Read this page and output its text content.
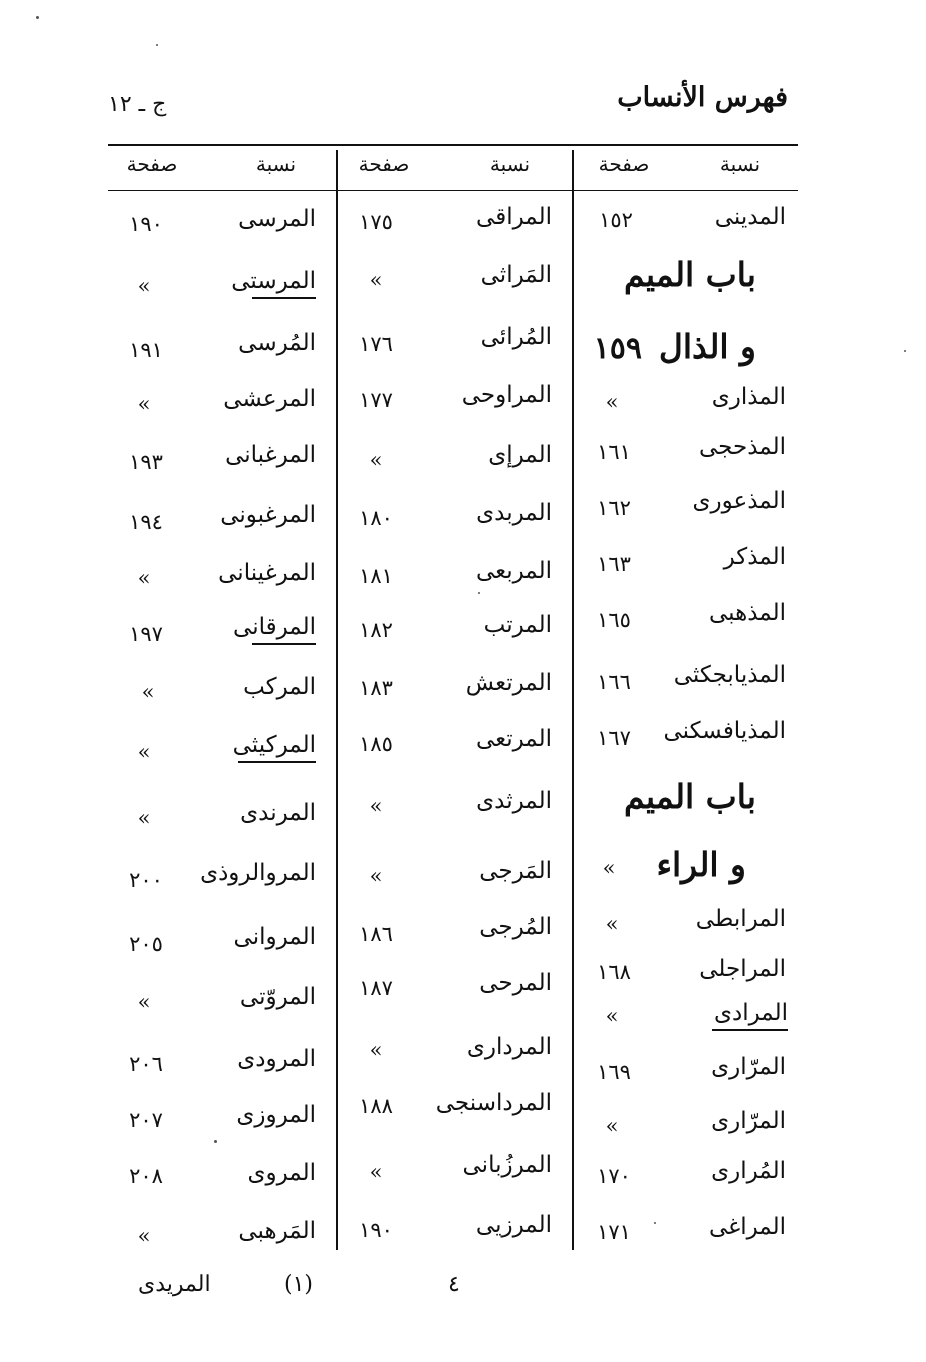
فهرس الأنساب
ج ـ ١٢
نسبة
صفحة
نسبة
صفحة
نسبة
صفحة
المدينى
١٥٢
باب الميم
و الذال
١٥٩
المذارى
»
المذحجى
١٦١
المذعورى
١٦٢
المذكر
١٦٣
المذهبى
١٦٥
المذيابجكثى
١٦٦
المذيافسكنى
١٦٧
باب الميم
و الراء
»
المرابطى
»
المراجلى
١٦٨
المرادى
»
المرّارى
١٦٩
المرّارى
»
المُرارى
١٧٠
المراغى
١٧١
المراقى
١٧٥
المَراثى
»
المُرائى
١٧٦
المراوحى
١٧٧
المرإى
»
المربدى
١٨٠
المربعى
١٨١
المرتب
١٨٢
المرتعش
١٨٣
المرتعى
١٨٥
المرثدى
»
المَرجى
»
المُرجى
١٨٦
المرحى
١٨٧
المردارى
»
المرداسنجى
١٨٨
المرزُبانى
»
المرزيى
١٩٠
المرسى
١٩٠
المرستى
»
المُرسى
١٩١
المرعشى
»
المرغبانى
١٩٣
المرغبونى
١٩٤
المرغينانى
»
المرقانى
١٩٧
المركب
»
المركيثى
»
المرندى
»
المروالروذى
٢٠٠
المروانى
٢٠٥
المروّتى
»
المرودى
٢٠٦
المروزى
٢٠٧
المروى
٢٠٨
المَرهبى
»
المريدى	(١)	٤
